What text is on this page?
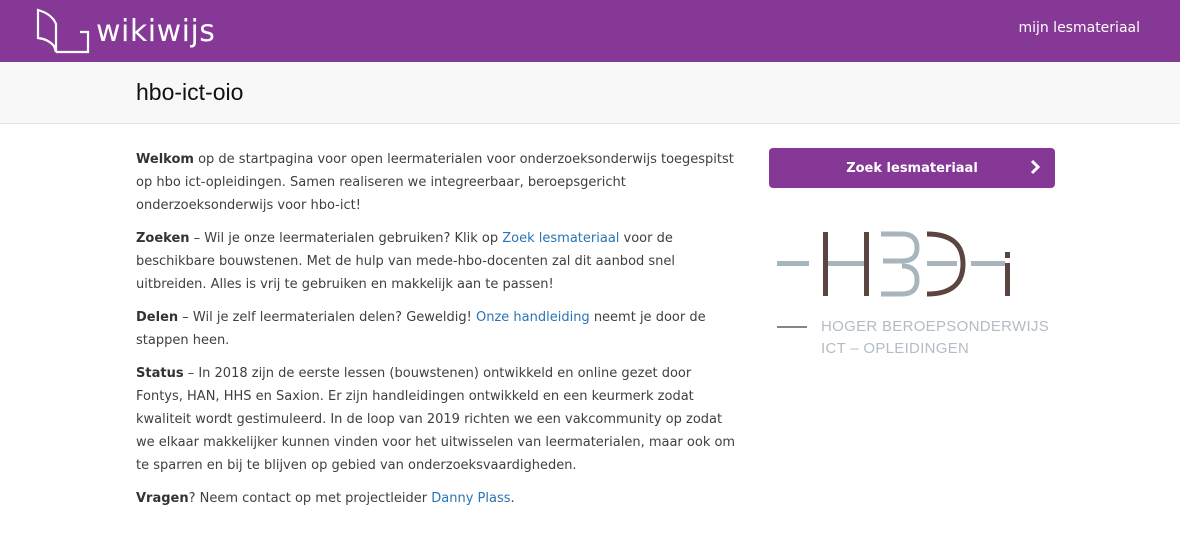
wikiwijs	mijn lesmateriaal
hbo-ict-oio

Welkom op de startpagina voor open leermaterialen voor onderzoeksonderwijs toegespitst op hbo ict-opleidingen. Samen realiseren we integreerbaar, beroepsgericht onderzoeksonderwijs voor hbo-ict!

Zoeken – Wil je onze leermaterialen gebruiken? Klik op Zoek lesmateriaal voor de beschikbare bouwstenen. Met de hulp van mede-hbo-docenten zal dit aanbod snel uitbreiden. Alles is vrij te gebruiken en makkelijk aan te passen!

Delen – Wil je zelf leermaterialen delen? Geweldig! Onze handleiding neemt je door de stappen heen.

Status – In 2018 zijn de eerste lessen (bouwstenen) ontwikkeld en online gezet door Fontys, HAN, HHS en Saxion. Er zijn handleidingen ontwikkeld en een keurmerk zodat kwaliteit wordt gestimuleerd. In de loop van 2019 richten we een vakcommunity op zodat we elkaar makkelijker kunnen vinden voor het uitwisselen van leermaterialen, maar ook om te sparren en bij te blijven op gebied van onderzoeksvaardigheden.

Vragen? Neem contact op met projectleider Danny Plass.

Zoek lesmateriaal
HOGER BEROEPSONDERWIJS
ICT – OPLEIDINGEN
